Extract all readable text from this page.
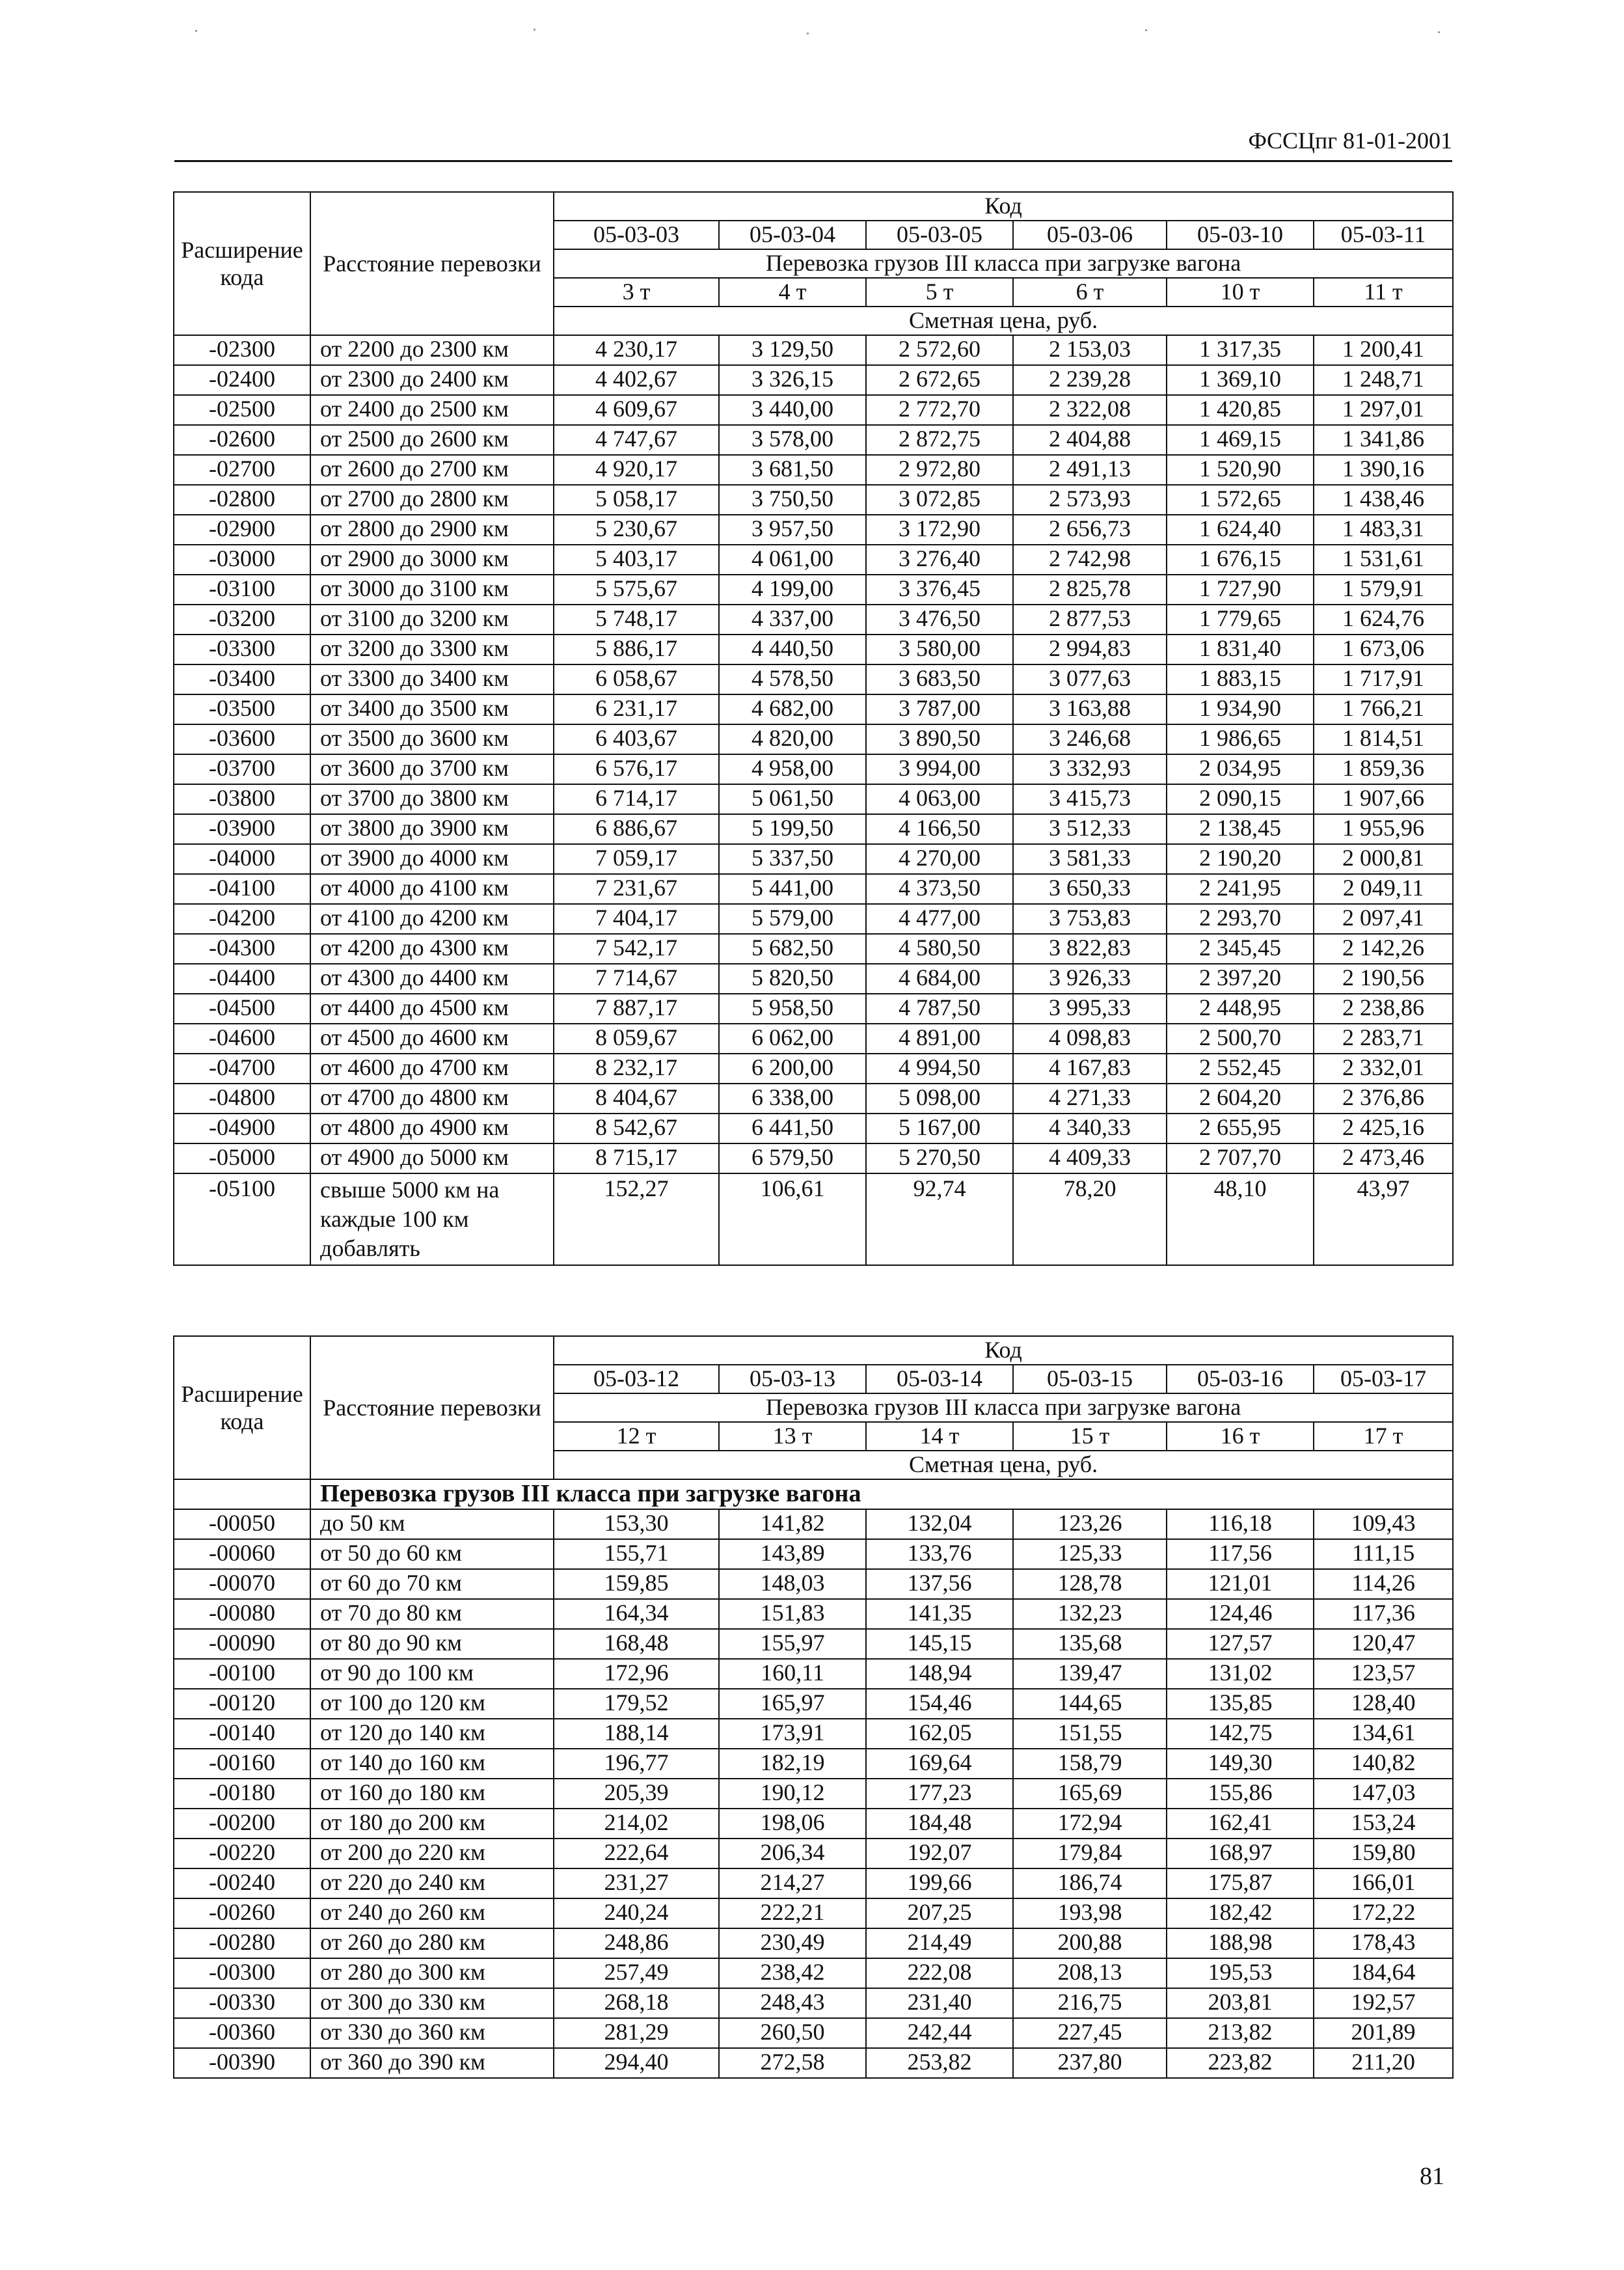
ФССЦпг 81-01-2001
Расширение кода	Расстояние перевозки	Код					
		05-03-03	05-03-04	05-03-05	05-03-06	05-03-10	05-03-11
		Перевозка грузов III класса при загрузке вагона					
		3 т	4 т	5 т	6 т	10 т	11 т
		Сметная цена, руб.					
-02300	от 2200 до 2300 км	4 230,17	3 129,50	2 572,60	2 153,03	1 317,35	1 200,41
-02400	от 2300 до 2400 км	4 402,67	3 326,15	2 672,65	2 239,28	1 369,10	1 248,71
-02500	от 2400 до 2500 км	4 609,67	3 440,00	2 772,70	2 322,08	1 420,85	1 297,01
-02600	от 2500 до 2600 км	4 747,67	3 578,00	2 872,75	2 404,88	1 469,15	1 341,86
-02700	от 2600 до 2700 км	4 920,17	3 681,50	2 972,80	2 491,13	1 520,90	1 390,16
-02800	от 2700 до 2800 км	5 058,17	3 750,50	3 072,85	2 573,93	1 572,65	1 438,46
-02900	от 2800 до 2900 км	5 230,67	3 957,50	3 172,90	2 656,73	1 624,40	1 483,31
-03000	от 2900 до 3000 км	5 403,17	4 061,00	3 276,40	2 742,98	1 676,15	1 531,61
-03100	от 3000 до 3100 км	5 575,67	4 199,00	3 376,45	2 825,78	1 727,90	1 579,91
-03200	от 3100 до 3200 км	5 748,17	4 337,00	3 476,50	2 877,53	1 779,65	1 624,76
-03300	от 3200 до 3300 км	5 886,17	4 440,50	3 580,00	2 994,83	1 831,40	1 673,06
-03400	от 3300 до 3400 км	6 058,67	4 578,50	3 683,50	3 077,63	1 883,15	1 717,91
-03500	от 3400 до 3500 км	6 231,17	4 682,00	3 787,00	3 163,88	1 934,90	1 766,21
-03600	от 3500 до 3600 км	6 403,67	4 820,00	3 890,50	3 246,68	1 986,65	1 814,51
-03700	от 3600 до 3700 км	6 576,17	4 958,00	3 994,00	3 332,93	2 034,95	1 859,36
-03800	от 3700 до 3800 км	6 714,17	5 061,50	4 063,00	3 415,73	2 090,15	1 907,66
-03900	от 3800 до 3900 км	6 886,67	5 199,50	4 166,50	3 512,33	2 138,45	1 955,96
-04000	от 3900 до 4000 км	7 059,17	5 337,50	4 270,00	3 581,33	2 190,20	2 000,81
-04100	от 4000 до 4100 км	7 231,67	5 441,00	4 373,50	3 650,33	2 241,95	2 049,11
-04200	от 4100 до 4200 км	7 404,17	5 579,00	4 477,00	3 753,83	2 293,70	2 097,41
-04300	от 4200 до 4300 км	7 542,17	5 682,50	4 580,50	3 822,83	2 345,45	2 142,26
-04400	от 4300 до 4400 км	7 714,67	5 820,50	4 684,00	3 926,33	2 397,20	2 190,56
-04500	от 4400 до 4500 км	7 887,17	5 958,50	4 787,50	3 995,33	2 448,95	2 238,86
-04600	от 4500 до 4600 км	8 059,67	6 062,00	4 891,00	4 098,83	2 500,70	2 283,71
-04700	от 4600 до 4700 км	8 232,17	6 200,00	4 994,50	4 167,83	2 552,45	2 332,01
-04800	от 4700 до 4800 км	8 404,67	6 338,00	5 098,00	4 271,33	2 604,20	2 376,86
-04900	от 4800 до 4900 км	8 542,67	6 441,50	5 167,00	4 340,33	2 655,95	2 425,16
-05000	от 4900 до 5000 км	8 715,17	6 579,50	5 270,50	4 409,33	2 707,70	2 473,46
-05100	свыше 5000 км на каждые 100 км добавлять	152,27	106,61	92,74	78,20	48,10	43,97
Расширение кода	Расстояние перевозки	Код					
		05-03-12	05-03-13	05-03-14	05-03-15	05-03-16	05-03-17
		Перевозка грузов III класса при загрузке вагона					
		12 т	13 т	14 т	15 т	16 т	17 т
		Сметная цена, руб.					
	Перевозка грузов III класса при загрузке вагона						
-00050	до 50 км	153,30	141,82	132,04	123,26	116,18	109,43
-00060	от 50 до 60 км	155,71	143,89	133,76	125,33	117,56	111,15
-00070	от 60 до 70 км	159,85	148,03	137,56	128,78	121,01	114,26
-00080	от 70 до 80 км	164,34	151,83	141,35	132,23	124,46	117,36
-00090	от 80 до 90 км	168,48	155,97	145,15	135,68	127,57	120,47
-00100	от 90 до 100 км	172,96	160,11	148,94	139,47	131,02	123,57
-00120	от 100 до 120 км	179,52	165,97	154,46	144,65	135,85	128,40
-00140	от 120 до 140 км	188,14	173,91	162,05	151,55	142,75	134,61
-00160	от 140 до 160 км	196,77	182,19	169,64	158,79	149,30	140,82
-00180	от 160 до 180 км	205,39	190,12	177,23	165,69	155,86	147,03
-00200	от 180 до 200 км	214,02	198,06	184,48	172,94	162,41	153,24
-00220	от 200 до 220 км	222,64	206,34	192,07	179,84	168,97	159,80
-00240	от 220 до 240 км	231,27	214,27	199,66	186,74	175,87	166,01
-00260	от 240 до 260 км	240,24	222,21	207,25	193,98	182,42	172,22
-00280	от 260 до 280 км	248,86	230,49	214,49	200,88	188,98	178,43
-00300	от 280 до 300 км	257,49	238,42	222,08	208,13	195,53	184,64
-00330	от 300 до 330 км	268,18	248,43	231,40	216,75	203,81	192,57
-00360	от 330 до 360 км	281,29	260,50	242,44	227,45	213,82	201,89
-00390	от 360 до 390 км	294,40	272,58	253,82	237,80	223,82	211,20
81
